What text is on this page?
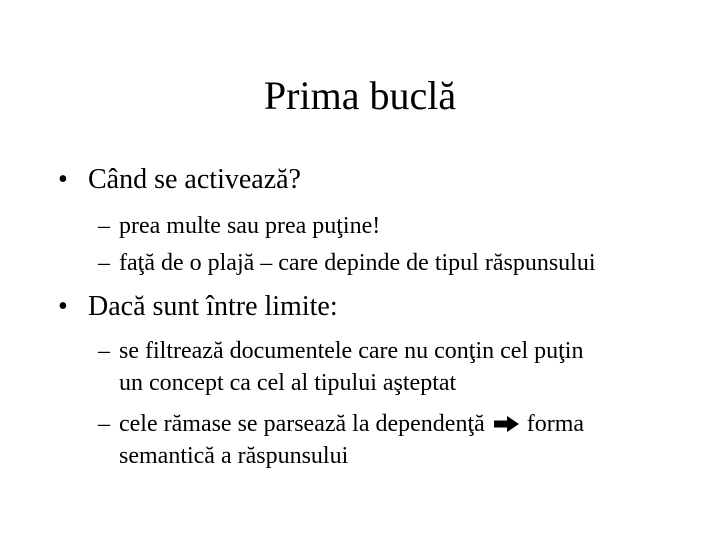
Prima buclă
• Când se activează?
– prea multe sau prea puţine!
– faţă de o plajă – care depinde de tipul răspunsului
• Dacă sunt între limite:
– se filtrează documentele care nu conţin cel puţin
un concept ca cel al tipului aşteptat
– cele rămase se parsează la dependenţă forma
semantică a răspunsului
